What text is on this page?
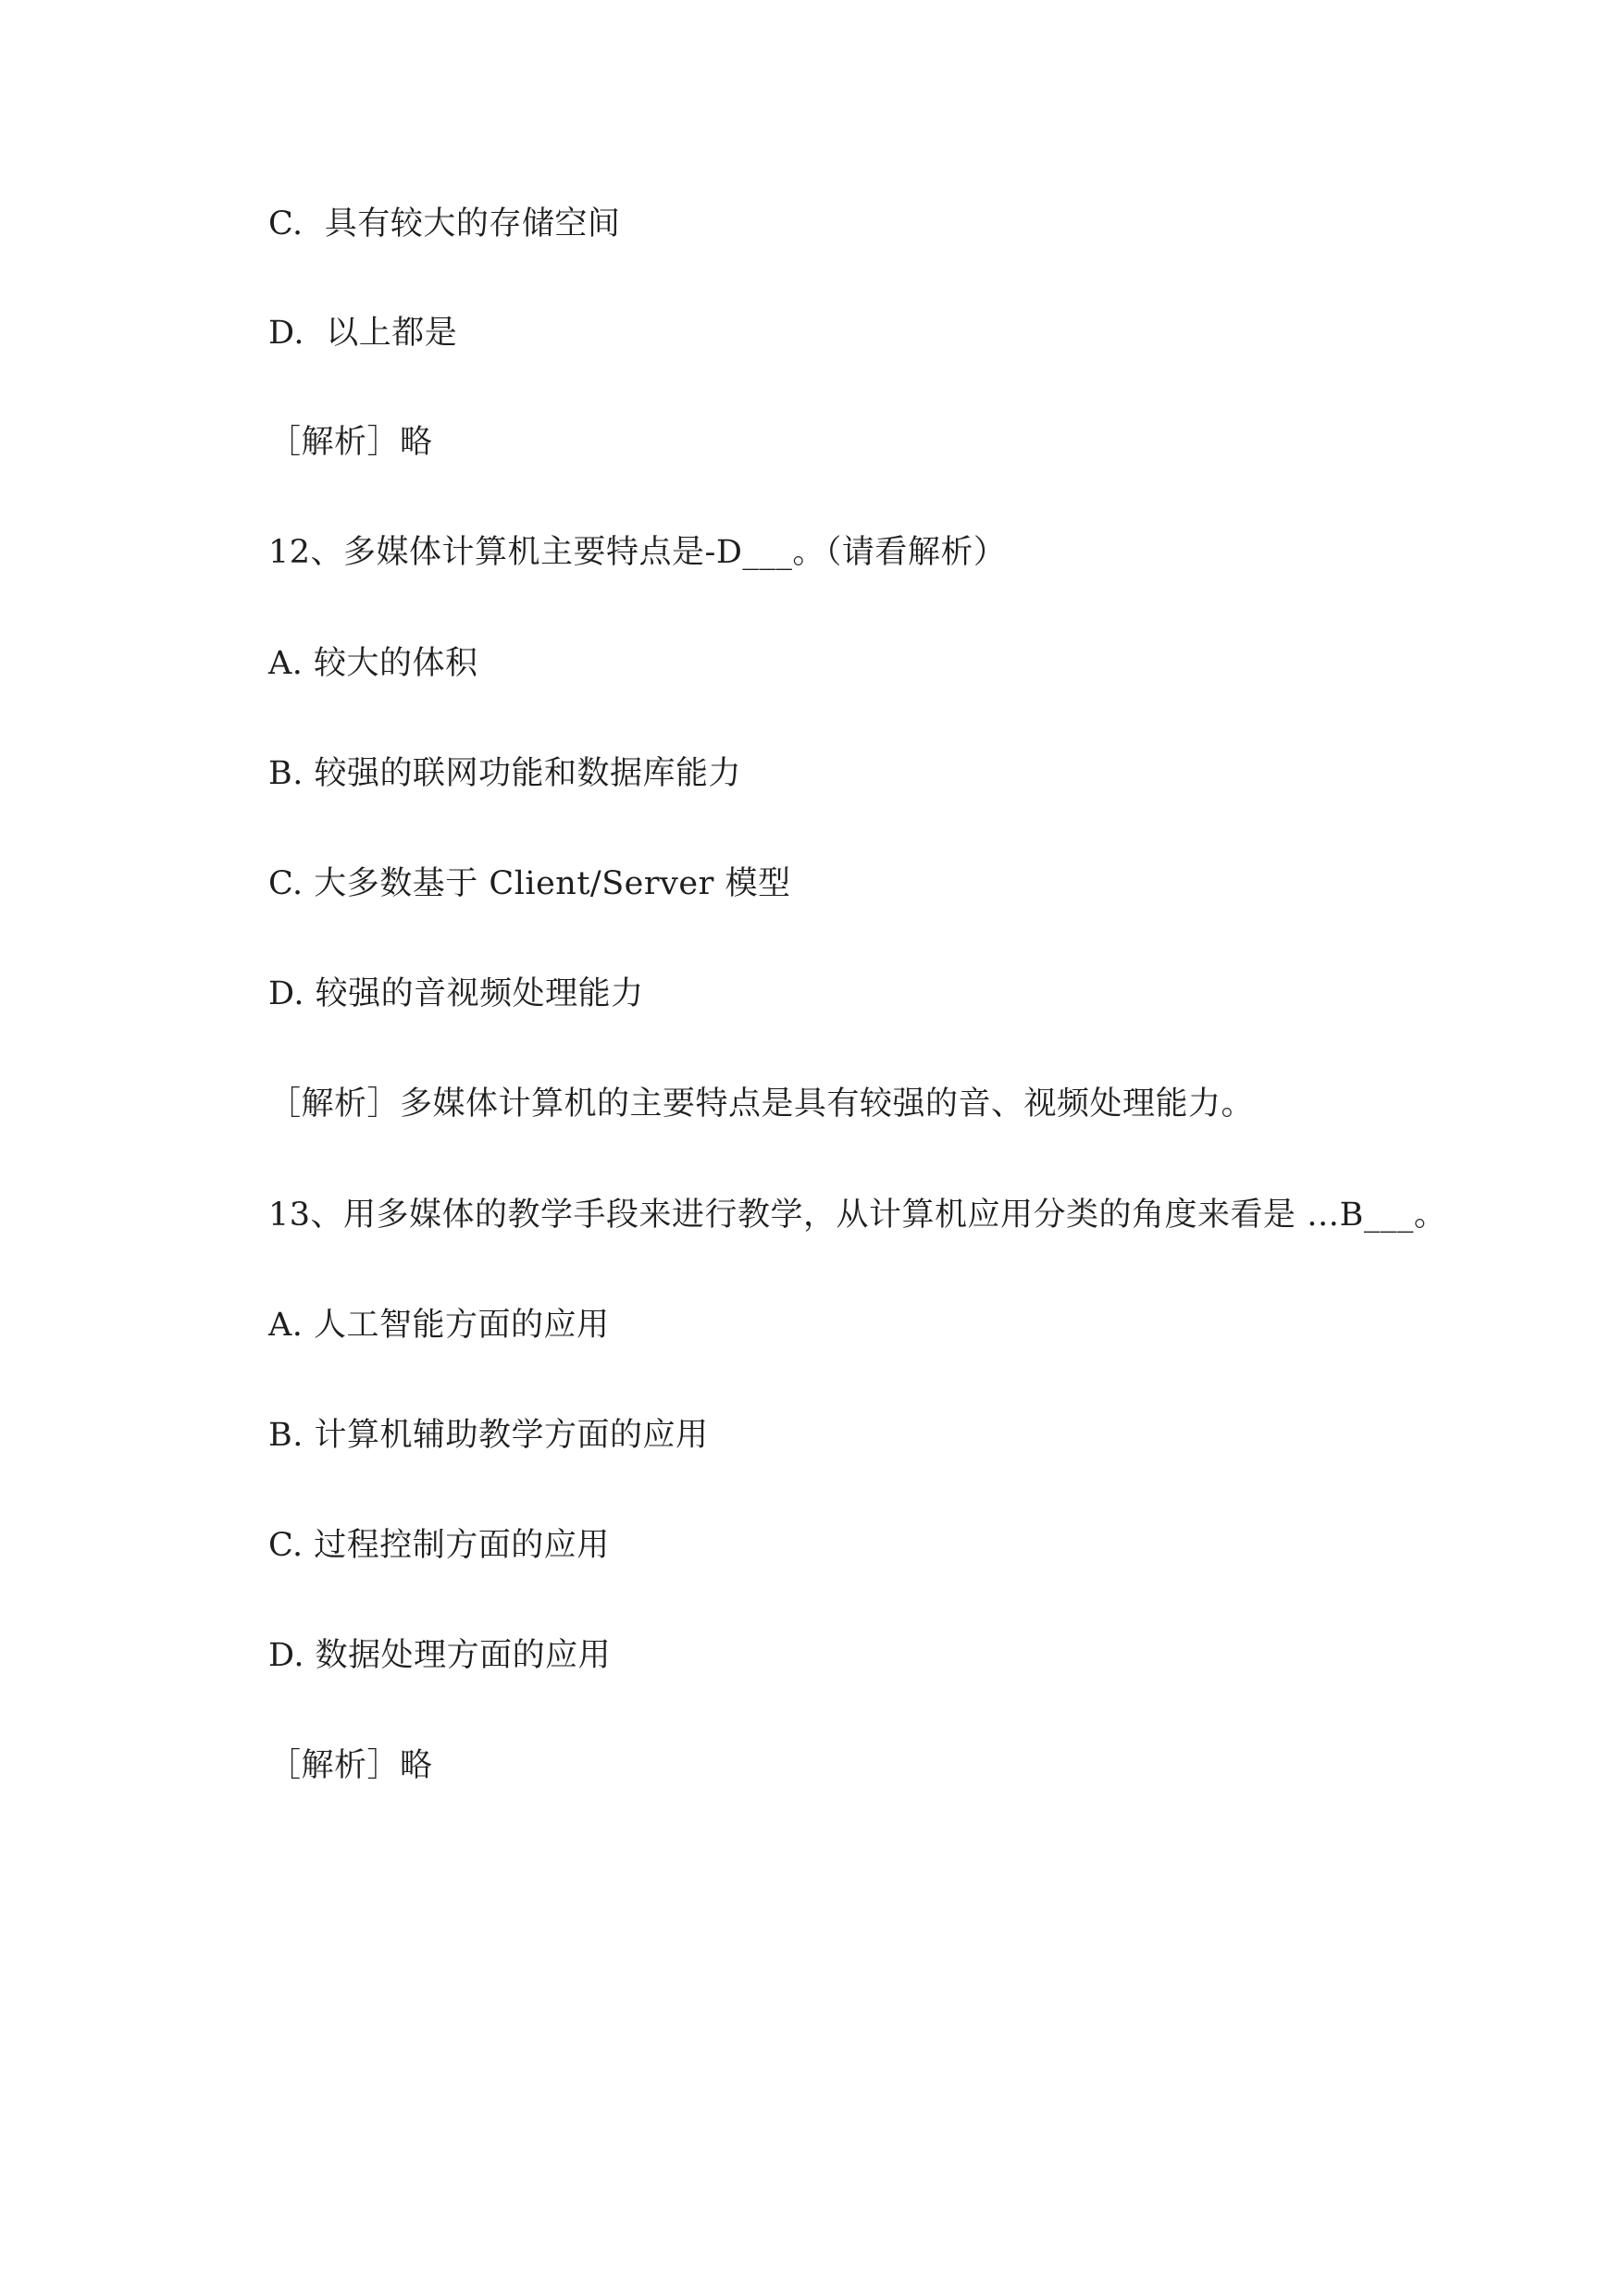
C.  具有较大的存储空间
D.  以上都是
［解析］略
12、多媒体计算机主要特点是-D___。（请看解析）
A. 较大的体积
B. 较强的联网功能和数据库能力
C. 大多数基于 Client/Server 模型
D. 较强的音视频处理能力
［解析］多媒体计算机的主要特点是具有较强的音、视频处理能力。
13、用多媒体的教学手段来进行教学，从计算机应用分类的角度来看是 …B___。
A. 人工智能方面的应用
B. 计算机辅助教学方面的应用
C. 过程控制方面的应用
D. 数据处理方面的应用
［解析］略
